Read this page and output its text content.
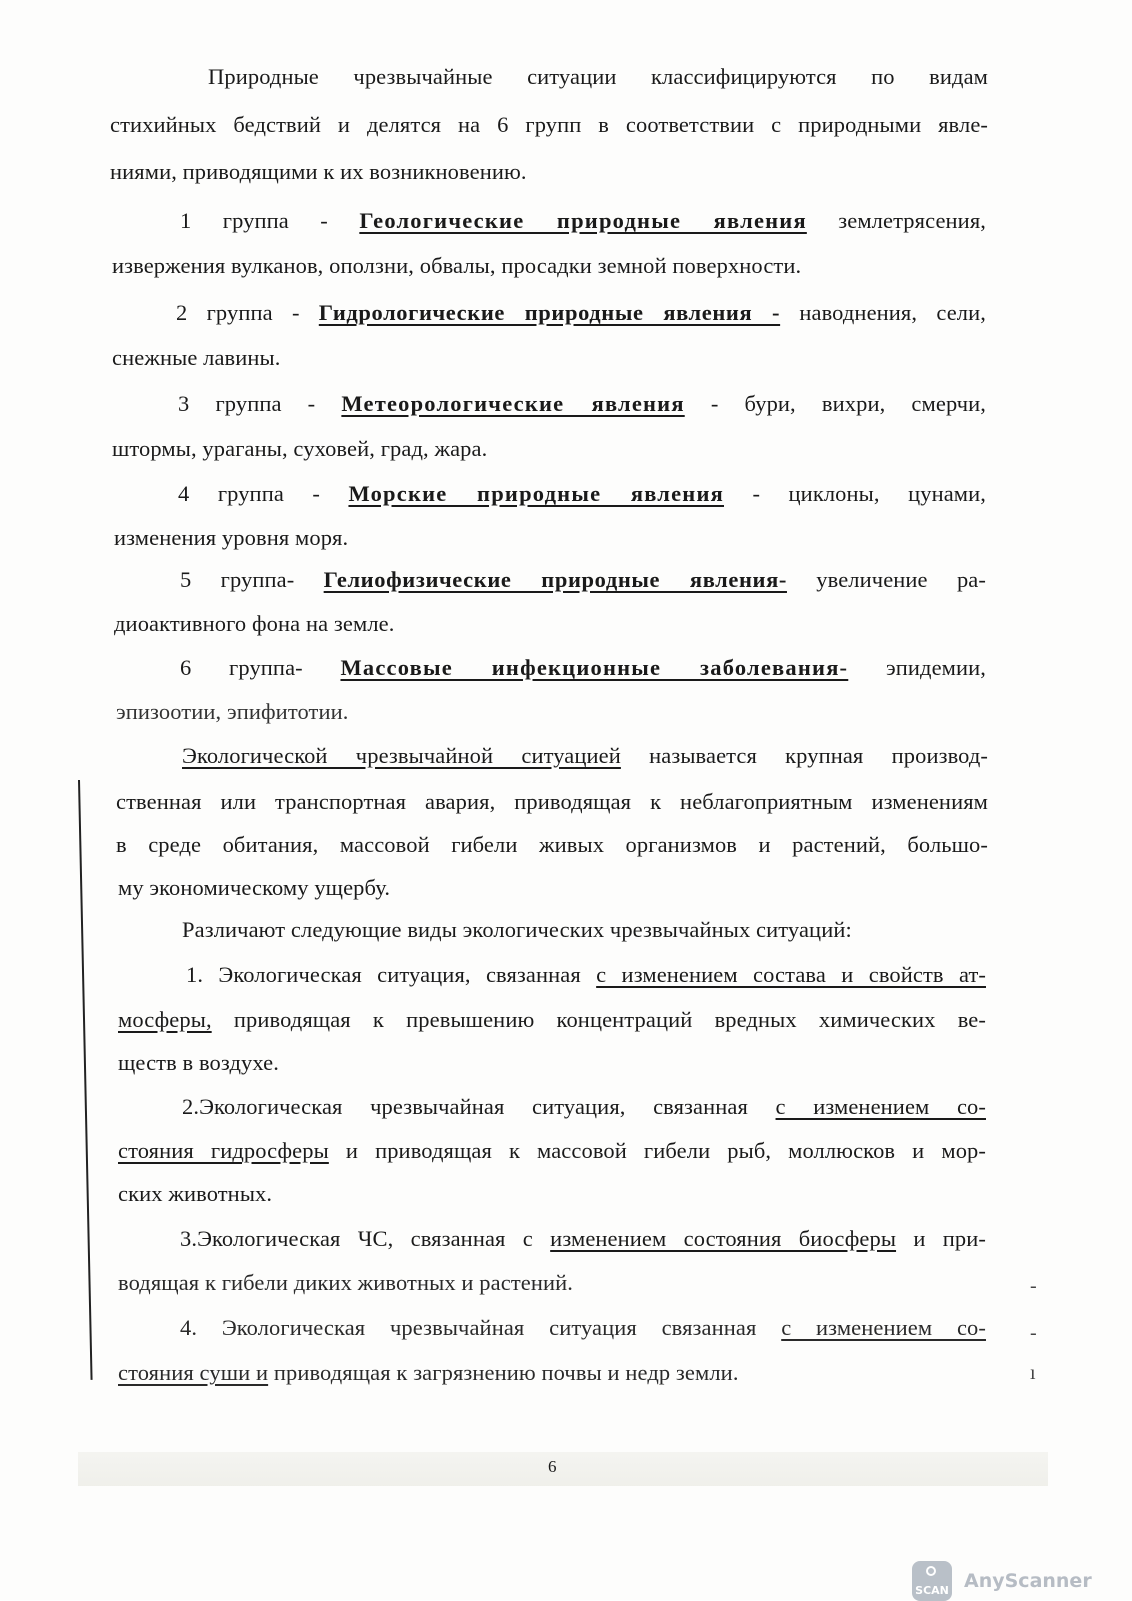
Природные чрезвычайные ситуации классифицируются по видам
стихийных бедствий и делятся на 6 групп в соответствии с природными явле-
ниями, приводящими к их возникновению.
1 группа - Геологические природные явления землетрясения,
извержения вулканов, оползни, обвалы, просадки земной поверхности.
2 группа - Гидрологические природные явления - наводнения, сели,
снежные лавины.
3 группа - Метеорологические явления - бури, вихри, смерчи,
штормы, ураганы, суховей, град, жара.
4 группа - Морские природные явления - циклоны, цунами,
изменения уровня моря.
5 группа- Гелиофизические природные явления- увеличение ра-
диоактивного фона на земле.
6 группа- Массовые инфекционные заболевания- эпидемии,
эпизоотии, эпифитотии.
Экологической чрезвычайной ситуацией называется крупная производ-
ственная или транспортная авария, приводящая к неблагоприятным изменениям
в среде обитания, массовой гибели живых организмов и растений, большо-
му экономическому ущербу.
Различают следующие виды экологических чрезвычайных ситуаций:
1. Экологическая ситуация, связанная с изменением состава и свойств ат-
мосферы, приводящая к превышению концентраций вредных химических ве-
ществ в воздухе.
2.Экологическая чрезвычайная ситуация, связанная с изменением со-
стояния гидросферы и приводящая к массовой гибели рыб, моллюсков и мор-
ских животных.
3.Экологическая ЧС, связанная с изменением состояния биосферы и при-
водящая к гибели диких животных и растений.
4. Экологическая чрезвычайная ситуация связанная с изменением со-
стояния суши и приводящая к загрязнению почвы и недр земли.
-
-
ı
6
SCAN AnyScanner
